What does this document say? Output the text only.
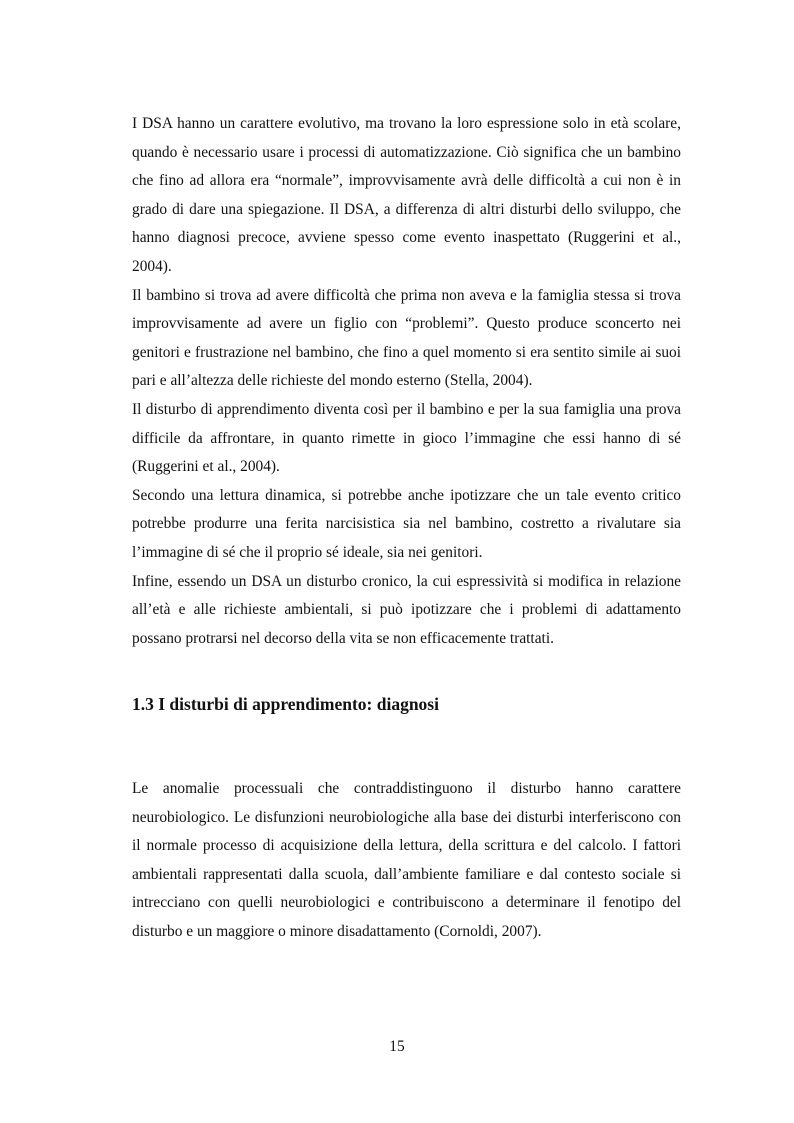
I DSA hanno un carattere evolutivo, ma trovano la loro espressione solo in età scolare, quando è necessario usare i processi di automatizzazione. Ciò significa che un bambino che fino ad allora era “normale”, improvvisamente avrà delle difficoltà a cui non è in grado di dare una spiegazione. Il DSA, a differenza di altri disturbi dello sviluppo, che hanno diagnosi precoce, avviene spesso come evento inaspettato (Ruggerini et al., 2004).

Il bambino si trova ad avere difficoltà che prima non aveva e la famiglia stessa si trova improvvisamente ad avere un figlio con “problemi”. Questo produce sconcerto nei genitori e frustrazione nel bambino, che fino a quel momento si era sentito simile ai suoi pari e all’altezza delle richieste del mondo esterno (Stella, 2004).

Il disturbo di apprendimento diventa così per il bambino e per la sua famiglia una prova difficile da affrontare, in quanto rimette in gioco l’immagine che essi hanno di sé (Ruggerini et al., 2004).

Secondo una lettura dinamica, si potrebbe anche ipotizzare che un tale evento critico potrebbe produrre una ferita narcisistica sia nel bambino, costretto a rivalutare sia l’immagine di sé che il proprio sé ideale, sia nei genitori.

Infine, essendo un DSA un disturbo cronico, la cui espressività si modifica in relazione all’età e alle richieste ambientali, si può ipotizzare che i problemi di adattamento possano protrarsi nel decorso della vita se non efficacemente trattati.

1.3 I disturbi di apprendimento: diagnosi

Le anomalie processuali che contraddistinguono il disturbo hanno carattere neurobiologico. Le disfunzioni neurobiologiche alla base dei disturbi interferiscono con il normale processo di acquisizione della lettura, della scrittura e del calcolo. I fattori ambientali rappresentati dalla scuola, dall’ambiente familiare e dal contesto sociale si intrecciano con quelli neurobiologici e contribuiscono a determinare il fenotipo del disturbo e un maggiore o minore disadattamento (Cornoldi, 2007).

15
